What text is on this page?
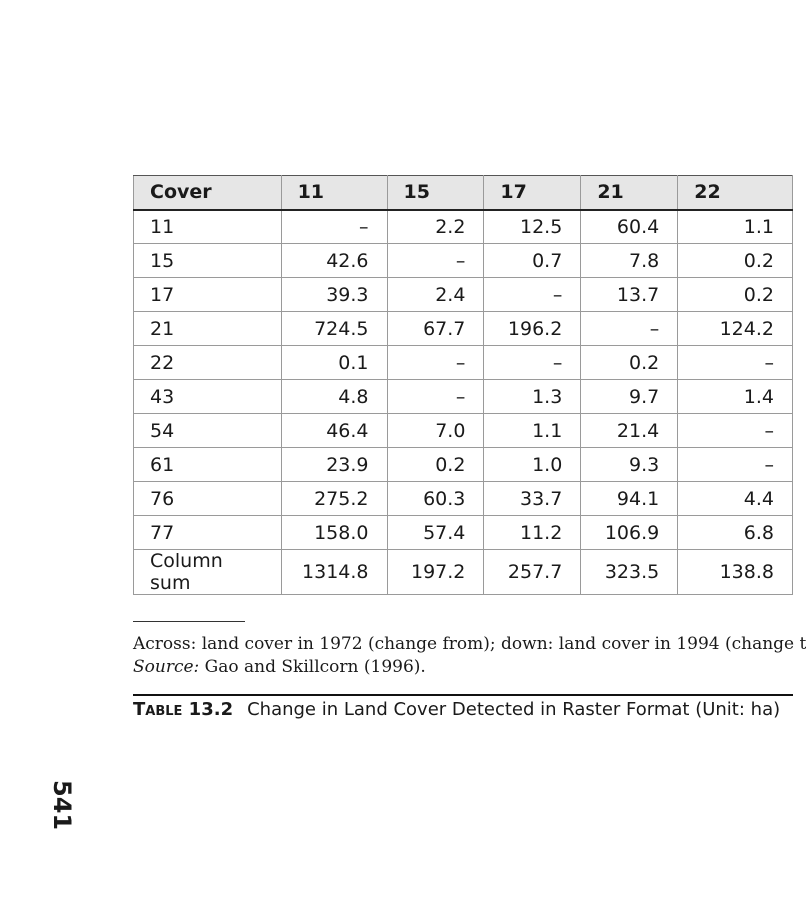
Cover	11	15	17	21	22
11	–	2.2	12.5	60.4	1.1
15	42.6	–	0.7	7.8	0.2
17	39.3	2.4	–	13.7	0.2
21	724.5	67.7	196.2	–	124.2
22	0.1	–	–	0.2	–
43	4.8	–	1.3	9.7	1.4
54	46.4	7.0	1.1	21.4	–
61	23.9	0.2	1.0	9.3	–
76	275.2	60.3	33.7	94.1	4.4
77	158.0	57.4	11.2	106.9	6.8
Column sum	1314.8	197.2	257.7	323.5	138.8
Across: land cover in 1972 (change from); down: land cover in 1994 (change t
Source: Gao and Skillcorn (1996).
Table 13.2 Change in Land Cover Detected in Raster Format (Unit: ha)
541
